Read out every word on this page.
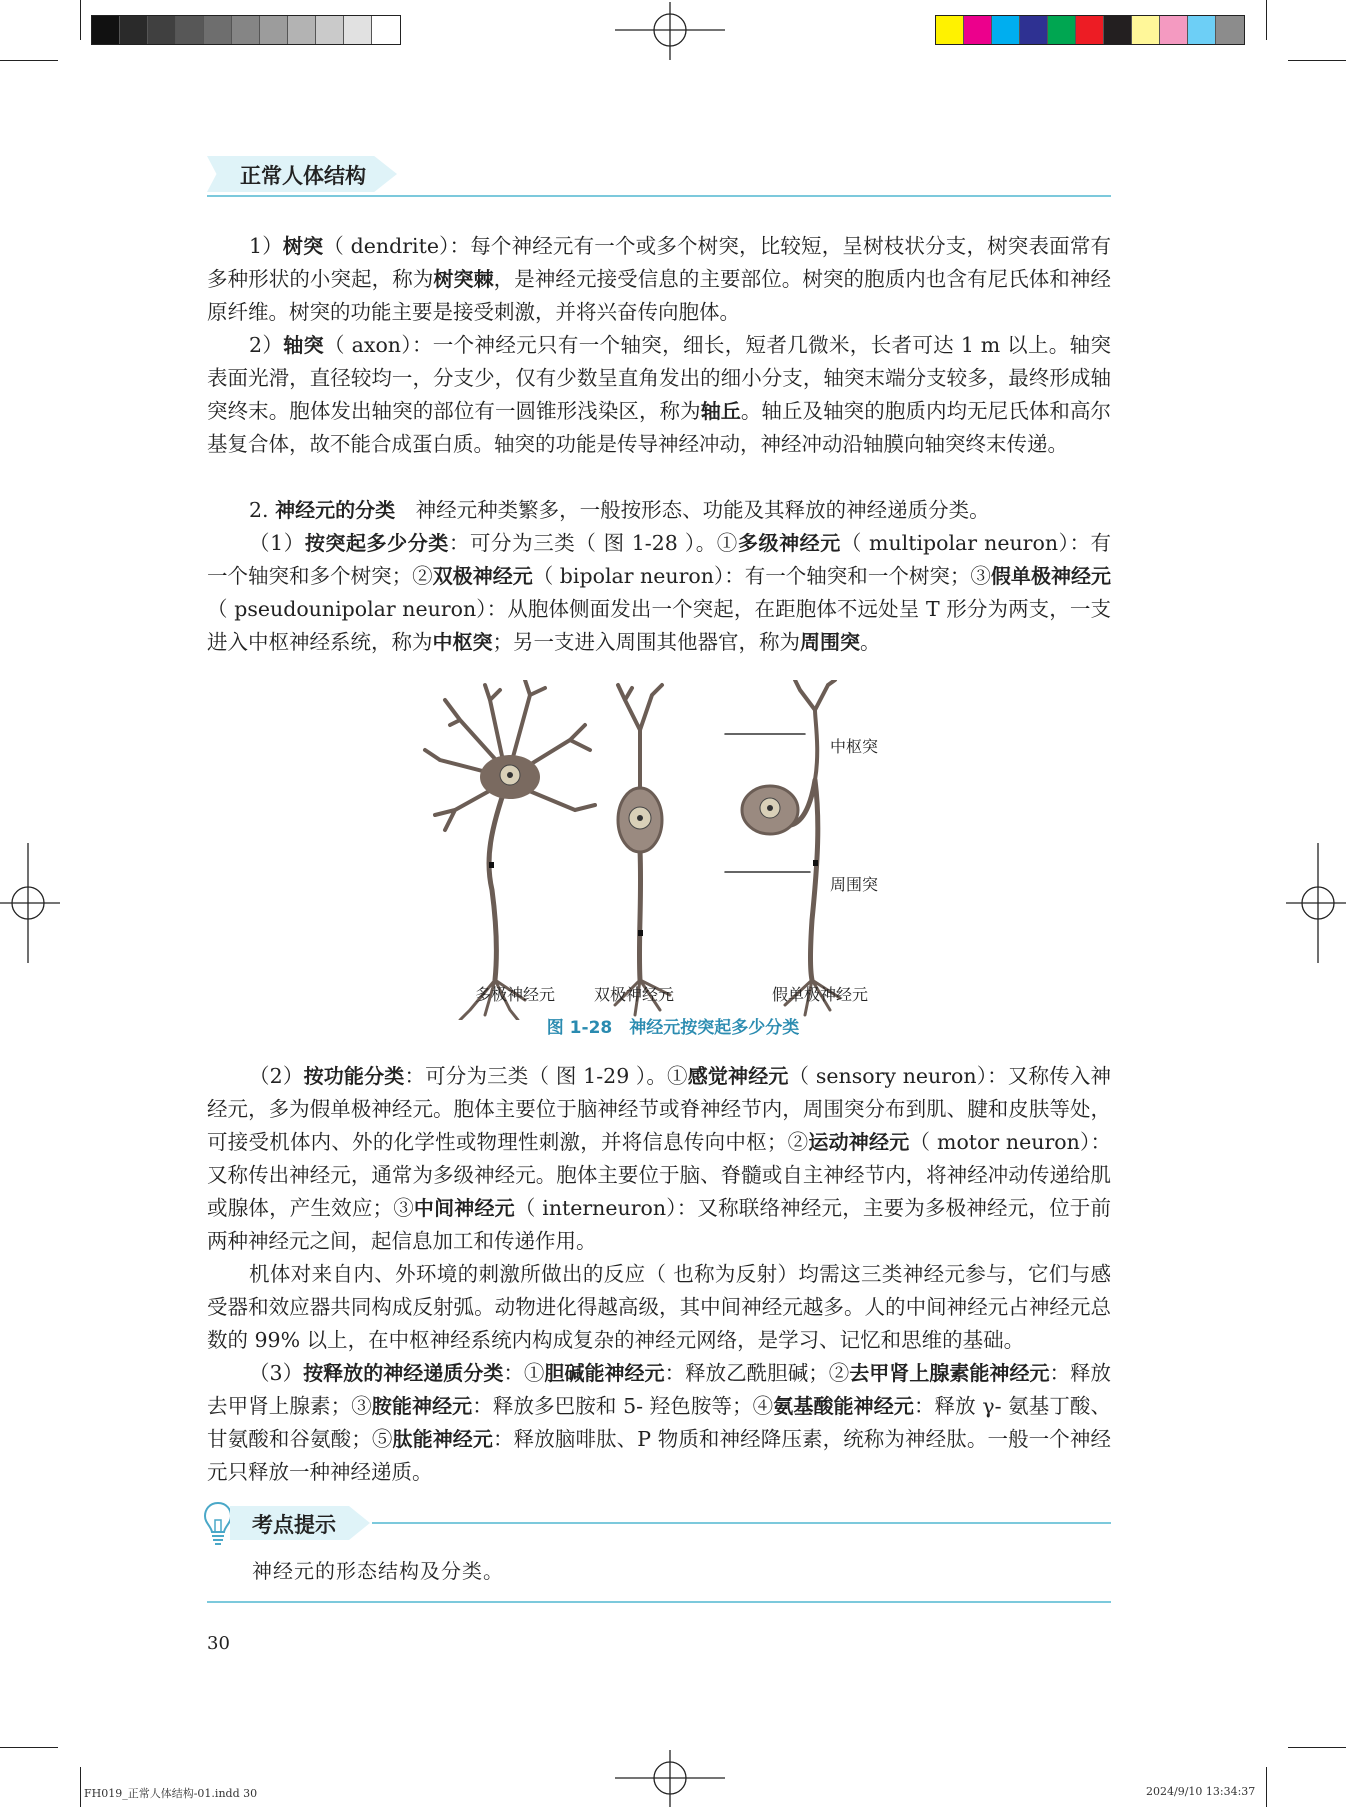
正常人体结构

1）树突（ dendrite）：每个神经元有一个或多个树突，比较短，呈树枝状分支，树突表面常有多种形状的小突起，称为树突棘，是神经元接受信息的主要部位。树突的胞质内也含有尼氏体和神经原纤维。树突的功能主要是接受刺激，并将兴奋传向胞体。

2）轴突（ axon）：一个神经元只有一个轴突，细长，短者几微米，长者可达 1 m 以上。轴突表面光滑，直径较均一，分支少，仅有少数呈直角发出的细小分支，轴突末端分支较多，最终形成轴突终末。胞体发出轴突的部位有一圆锥形浅染区，称为轴丘。轴丘及轴突的胞质内均无尼氏体和高尔基复合体，故不能合成蛋白质。轴突的功能是传导神经冲动，神经冲动沿轴膜向轴突终末传递。

2. 神经元的分类　神经元种类繁多，一般按形态、功能及其释放的神经递质分类。

（1）按突起多少分类：可分为三类（ 图 1-28 ）。①多级神经元（ multipolar neuron）：有一个轴突和多个树突；②双极神经元（ bipolar neuron）：有一个轴突和一个树突；③假单极神经元（ pseudounipolar neuron）：从胞体侧面发出一个突起，在距胞体不远处呈 T 形分为两支，一支进入中枢神经系统，称为中枢突；另一支进入周围其他器官，称为周围突。

中枢突
周围突
多极神经元 双极神经元	假单极神经元
图 1-28　神经元按突起多少分类

（2）按功能分类：可分为三类（ 图 1-29 ）。①感觉神经元（ sensory neuron）：又称传入神经元，多为假单极神经元。胞体主要位于脑神经节或脊神经节内，周围突分布到肌、腱和皮肤等处，可接受机体内、外的化学性或物理性刺激，并将信息传向中枢；②运动神经元（ motor neuron）：又称传出神经元，通常为多级神经元。胞体主要位于脑、脊髓或自主神经节内，将神经冲动传递给肌或腺体，产生效应；③中间神经元（ interneuron）：又称联络神经元，主要为多极神经元，位于前两种神经元之间，起信息加工和传递作用。

机体对来自内、外环境的刺激所做出的反应（ 也称为反射）均需这三类神经元参与，它们与感受器和效应器共同构成反射弧。动物进化得越高级，其中间神经元越多。人的中间神经元占神经元总数的 99% 以上，在中枢神经系统内构成复杂的神经元网络，是学习、记忆和思维的基础。

（3）按释放的神经递质分类：①胆碱能神经元：释放乙酰胆碱；②去甲肾上腺素能神经元：释放去甲肾上腺素；③胺能神经元：释放多巴胺和 5- 羟色胺等；④氨基酸能神经元：释放 γ- 氨基丁酸、甘氨酸和谷氨酸；⑤肽能神经元：释放脑啡肽、P 物质和神经降压素，统称为神经肽。一般一个神经元只释放一种神经递质。

考点提示
神经元的形态结构及分类。
30
FH019_正常人体结构-01.indd 30	2024/9/10 13:34:37
